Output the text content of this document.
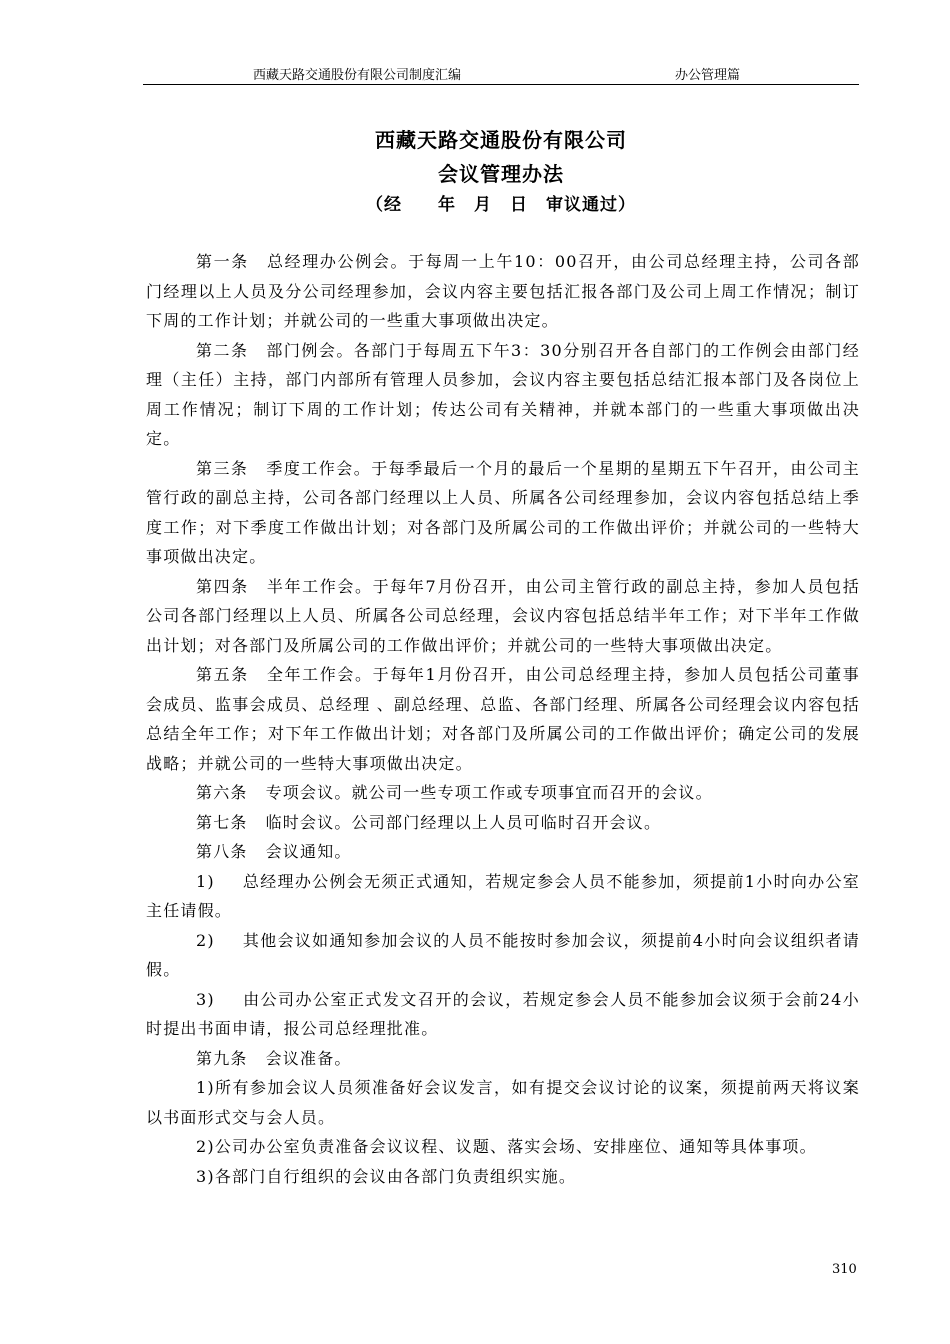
西藏天路交通股份有限公司制度汇编	办公管理篇
西藏天路交通股份有限公司
会议管理办法
（经　　年　月　日　审议通过）

第一条 总经理办公例会。于每周一上午10：00召开，由公司总经理主持，公司各部门经理以上人员及分公司经理参加，会议内容主要包括汇报各部门及公司上周工作情况；制订下周的工作计划；并就公司的一些重大事项做出决定。

第二条 部门例会。各部门于每周五下午3：30分别召开各自部门的工作例会由部门经理（主任）主持，部门内部所有管理人员参加，会议内容主要包括总结汇报本部门及各岗位上周工作情况；制订下周的工作计划；传达公司有关精神，并就本部门的一些重大事项做出决定。

第三条 季度工作会。于每季最后一个月的最后一个星期的星期五下午召开，由公司主管行政的副总主持，公司各部门经理以上人员、所属各公司经理参加，会议内容包括总结上季度工作；对下季度工作做出计划；对各部门及所属公司的工作做出评价；并就公司的一些特大事项做出决定。

第四条 半年工作会。于每年7月份召开，由公司主管行政的副总主持，参加人员包括公司各部门经理以上人员、所属各公司总经理，会议内容包括总结半年工作；对下半年工作做出计划；对各部门及所属公司的工作做出评价；并就公司的一些特大事项做出决定。

第五条 全年工作会。于每年1月份召开，由公司总经理主持，参加人员包括公司董事会成员、监事会成员、总经理 、副总经理、总监、各部门经理、所属各公司经理会议内容包括总结全年工作；对下年工作做出计划；对各部门及所属公司的工作做出评价；确定公司的发展战略；并就公司的一些特大事项做出决定。

第六条 专项会议。就公司一些专项工作或专项事宜而召开的会议。

第七条 临时会议。公司部门经理以上人员可临时召开会议。

第八条 会议通知。

1) 总经理办公例会无须正式通知，若规定参会人员不能参加，须提前1小时向办公室主任请假。

2) 其他会议如通知参加会议的人员不能按时参加会议，须提前4小时向会议组织者请假。

3) 由公司办公室正式发文召开的会议，若规定参会人员不能参加会议须于会前24小时提出书面申请，报公司总经理批准。

第九条 会议准备。

1)所有参加会议人员须准备好会议发言，如有提交会议讨论的议案，须提前两天将议案以书面形式交与会人员。

2)公司办公室负责准备会议议程、议题、落实会场、安排座位、通知等具体事项。

3)各部门自行组织的会议由各部门负责组织实施。

310
